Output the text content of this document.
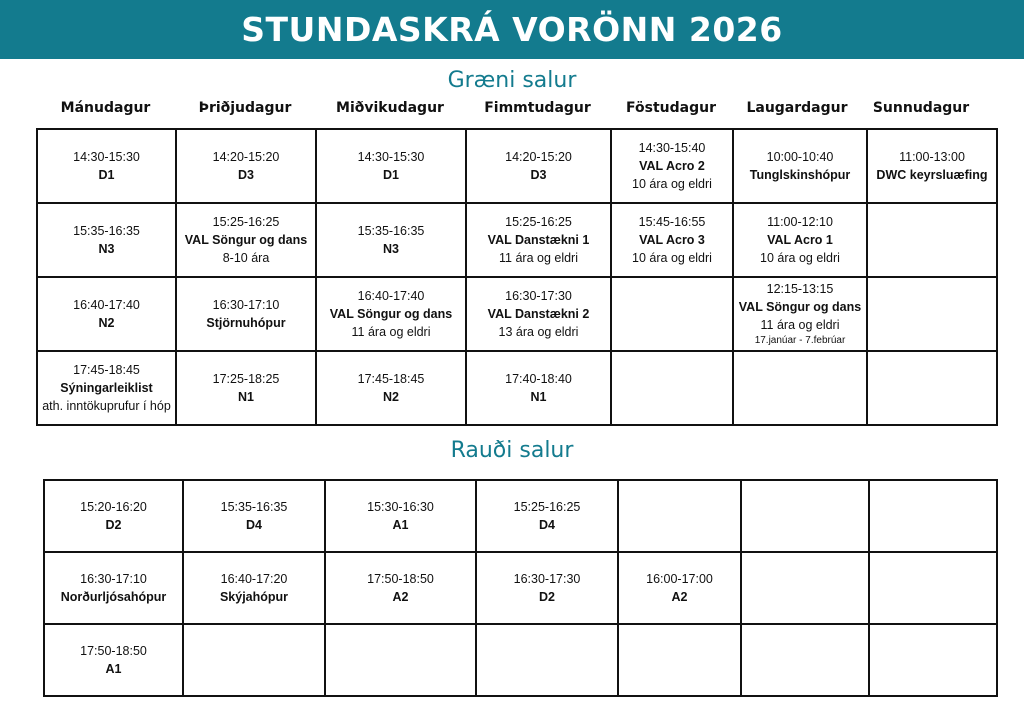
STUNDASKRÁ VORÖNN 2026
Græni salur
Mánudagur	Þriðjudagur	Miðvikudagur	Fimmtudagur	Föstudagur	Laugardagur	Sunnudagur
14:30-15:30
D1	14:20-15:20
D3	14:30-15:30
D1	14:20-15:20
D3	14:30-15:40
VAL Acro 2
10 ára og eldri	10:00-10:40
Tunglskinshópur	11:00-13:00
DWC keyrsluæfing

15:35-16:35
N3	15:25-16:25
VAL Söngur og dans
8-10 ára	15:35-16:35
N3	15:25-16:25
VAL Danstækni 1
11 ára og eldri	15:45-16:55
VAL Acro 3
10 ára og eldri	11:00-12:10
VAL Acro 1
10 ára og eldri	

16:40-17:40
N2	16:30-17:10
Stjörnuhópur	16:40-17:40
VAL Söngur og dans
11 ára og eldri	16:30-17:30
VAL Danstækni 2
13 ára og eldri		12:15-13:15
VAL Söngur og dans
11 ára og eldri
17.janúar - 7.febrúar	

17:45-18:45
Sýningarleiklist
ath. inntökuprufur í hóp	17:25-18:25
N1	17:45-18:45
N2	17:40-18:40
N1			

Rauði salur
15:20-16:20
D2	15:35-16:35
D4	15:30-16:30
A1	15:25-16:25
D4			

16:30-17:10
Norðurljósahópur	16:40-17:20
Skýjahópur	17:50-18:50
A2	16:30-17:30
D2	16:00-17:00
A2		

17:50-18:50
A1						
